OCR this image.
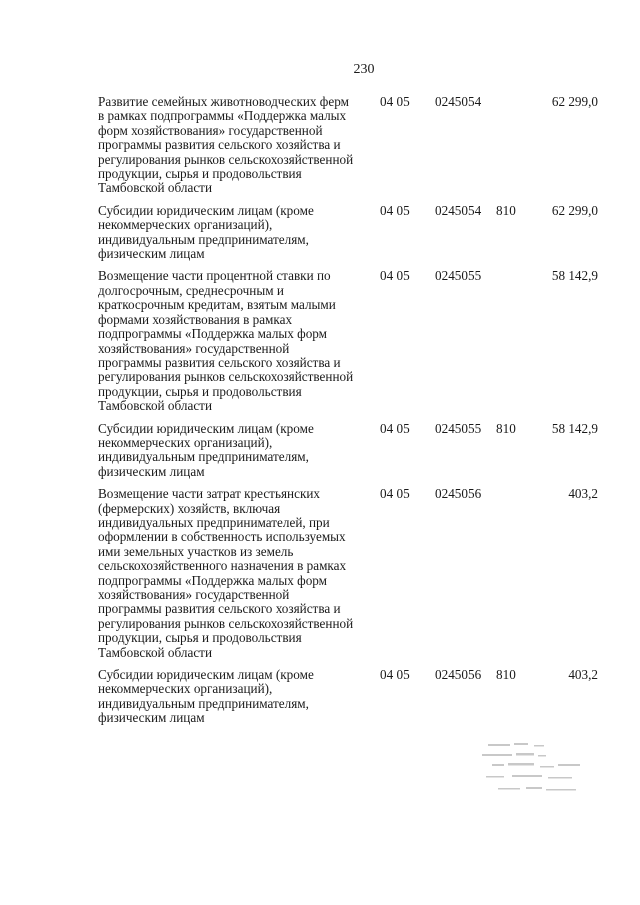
230
Развитие семейных животноводческих ферм в рамках подпрограммы «Поддержка малых форм хозяйствования» государственной программы развития сельского хозяйства и регулирования рынков сельскохозяйственной продукции, сырья и продовольствия Тамбовской области
04 05 0245054	62 299,0
Субсидии юридическим лицам (кроме некоммерческих организаций), индивидуальным предпринимателям, физическим лицам
04 05 0245054 810	62 299,0
Возмещение части процентной ставки по долгосрочным, среднесрочным и краткосрочным кредитам, взятым малыми формами хозяйствования в рамках подпрограммы «Поддержка малых форм хозяйствования» государственной программы развития сельского хозяйства и регулирования рынков сельскохозяйственной продукции, сырья и продовольствия Тамбовской области
04 05 0245055	58 142,9
Субсидии юридическим лицам (кроме некоммерческих организаций), индивидуальным предпринимателям, физическим лицам
04 05 0245055 810	58 142,9
Возмещение части затрат крестьянских (фермерских) хозяйств, включая индивидуальных предпринимателей, при оформлении в собственность используемых ими земельных участков из земель сельскохозяйственного назначения в рамках подпрограммы «Поддержка малых форм хозяйствования» государственной программы развития сельского хозяйства и регулирования рынков сельскохозяйственной продукции, сырья и продовольствия Тамбовской области
04 05 0245056	403,2
Субсидии юридическим лицам (кроме некоммерческих организаций), индивидуальным предпринимателям, физическим лицам
04 05 0245056 810	403,2
